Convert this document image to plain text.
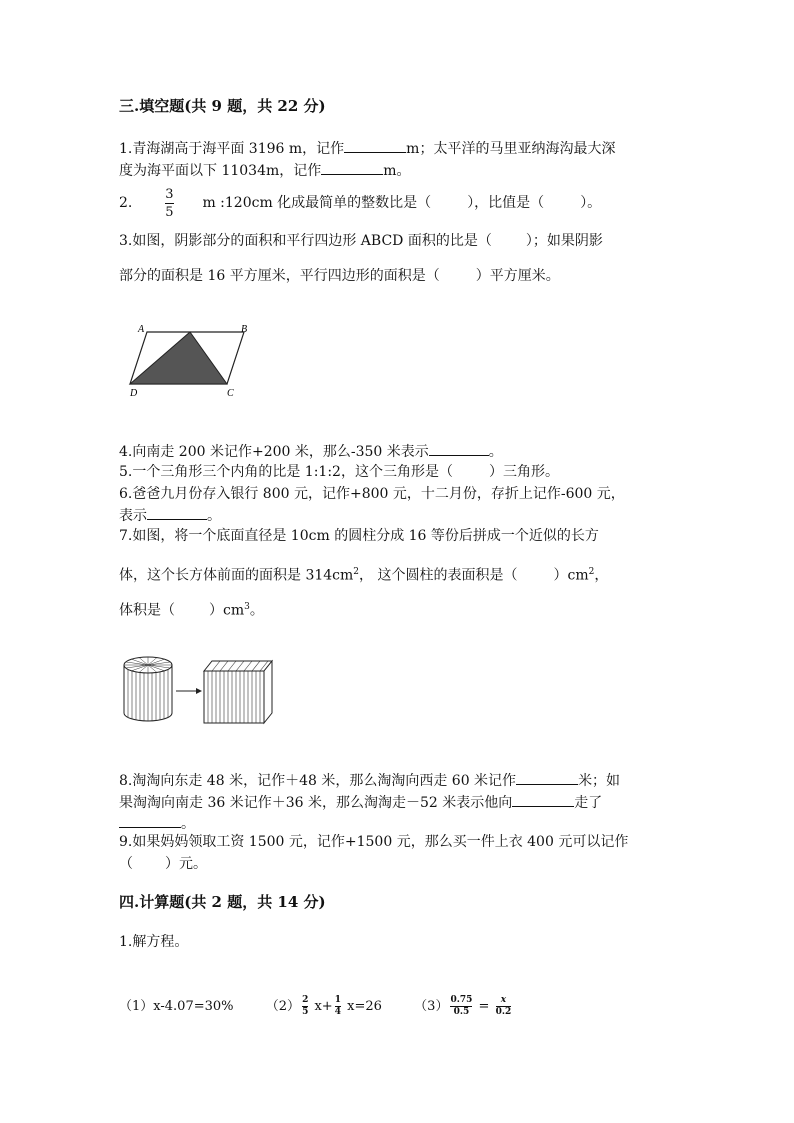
三.填空题(共 9 题，共 22 分)
1.青海湖高于海平面 3196 m，记作	m；太平洋的马里亚纳海沟最大深
度为海平面以下 11034m，记作	m。
2.	$\frac{3}{5}$ m :120cm 化成最简单的整数比是（	），比值是（	）。
3.如图，阴影部分的面积和平行四边形 ABCD 面积的比是（ ）；如果阴影
部分的面积是 16 平方厘米，平行四边形的面积是（	）平方厘米。
A	B
C
D
4.向南走 200 米记作+200 米，那么-350 米表示	。
5.一个三角形三个内角的比是 1:1:2，这个三角形是（	）三角形。
6.爸爸九月份存入银行 800 元，记作+800 元，十二月份，存折上记作-600 元，
表示	。
7.如图，将一个底面直径是 10cm 的圆柱分成 16 等份后拼成一个近似的长方
体，这个长方体前面的面积是 $314cm^2$， 这个圆柱的表面积是（	）$cm^2$，
体积是（ ）$cm^3$。
8.淘淘向东走 48 米，记作＋48 米，那么淘淘向西走 60 米记作	米；如
果淘淘向南走 36 米记作＋36 米，那么淘淘走－52 米表示他向	走了
。
9.如果妈妈领取工资 1500 元，记作+1500 元，那么买一件上衣 400 元可以记作
（ ）元。
四.计算题(共 2 题，共 14 分)
1.解方程。
（1）x-4.07=30% $(2) \frac{2}{5} x+ \frac{1}{4} x=26$ $(3) \frac{0.75}{0.5} = \frac{x}{0.2}$
